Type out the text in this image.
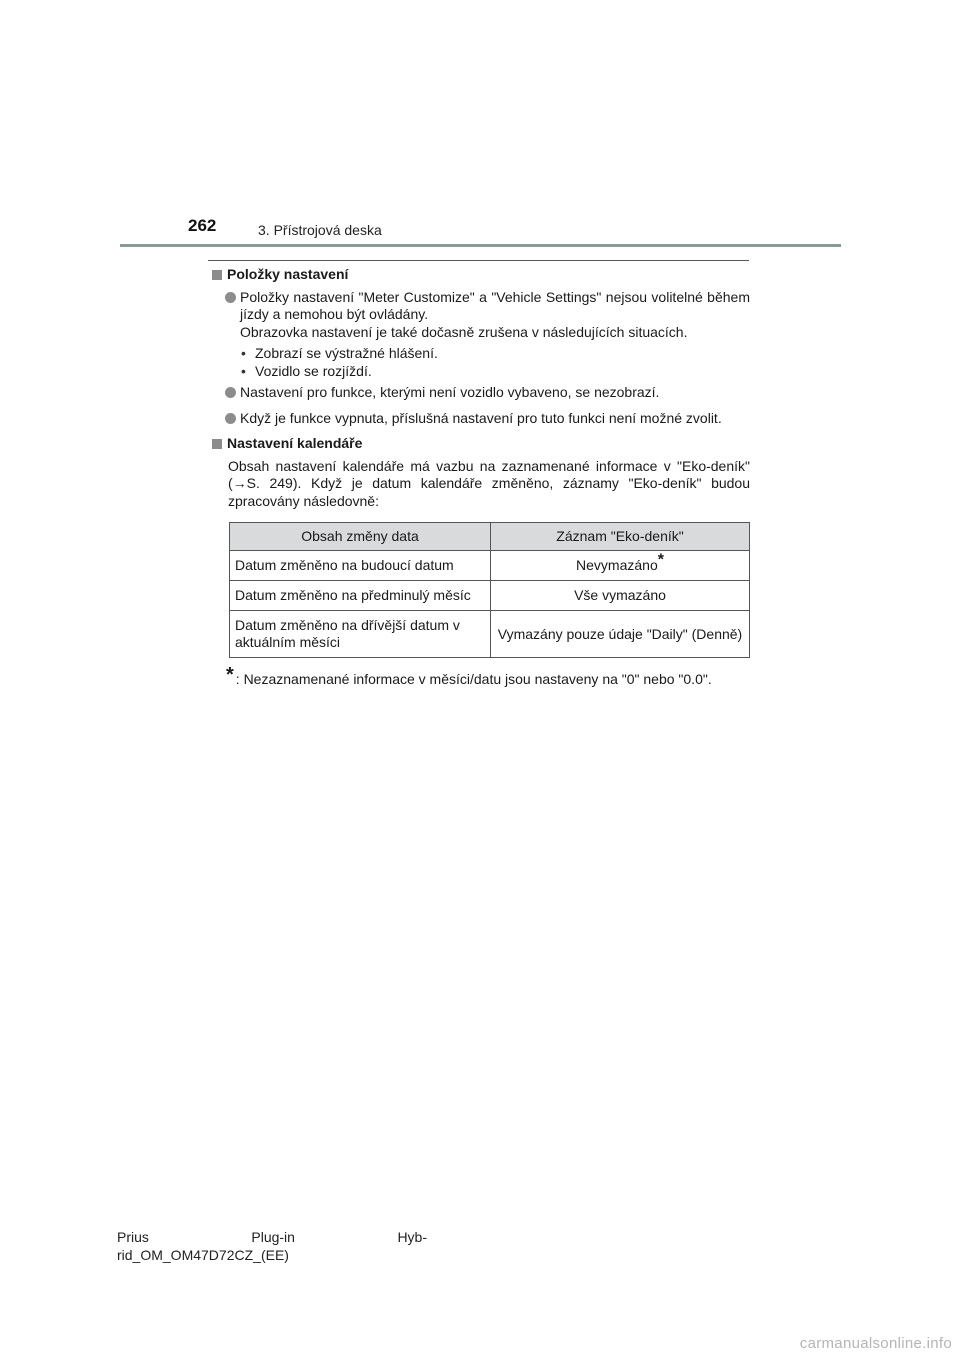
262	3. Přístrojová deska
Položky nastavení
Položky nastavení "Meter Customize" a "Vehicle Settings" nejsou volitelné během jízdy a nemohou být ovládány.
Obrazovka nastavení je také dočasně zrušena v následujících situacích.
• Zobrazí se výstražné hlášení.
• Vozidlo se rozjíždí.
Nastavení pro funkce, kterými není vozidlo vybaveno, se nezobrazí.
Když je funkce vypnuta, příslušná nastavení pro tuto funkci není možné zvolit.
Nastavení kalendáře
Obsah nastavení kalendáře má vazbu na zaznamenané informace v "Eko-deník" (→S. 249). Když je datum kalendáře změněno, záznamy "Eko-deník" budou zpracovány následovně:
Obsah změny data	Záznam "Eko-deník"
Datum změněno na budoucí datum	Nevymazáno*
Datum změněno na předminulý měsíc	Vše vymazáno
Datum změněno na dřívější datum v aktuálním měsíci	Vymazány pouze údaje "Daily" (Denně)
* : Nezaznamenané informace v měsíci/datu jsou nastaveny na "0" nebo "0.0".
Prius	Plug-in	Hyb-
rid_OM_OM47D72CZ_(EE)
carmanualsonline.info
